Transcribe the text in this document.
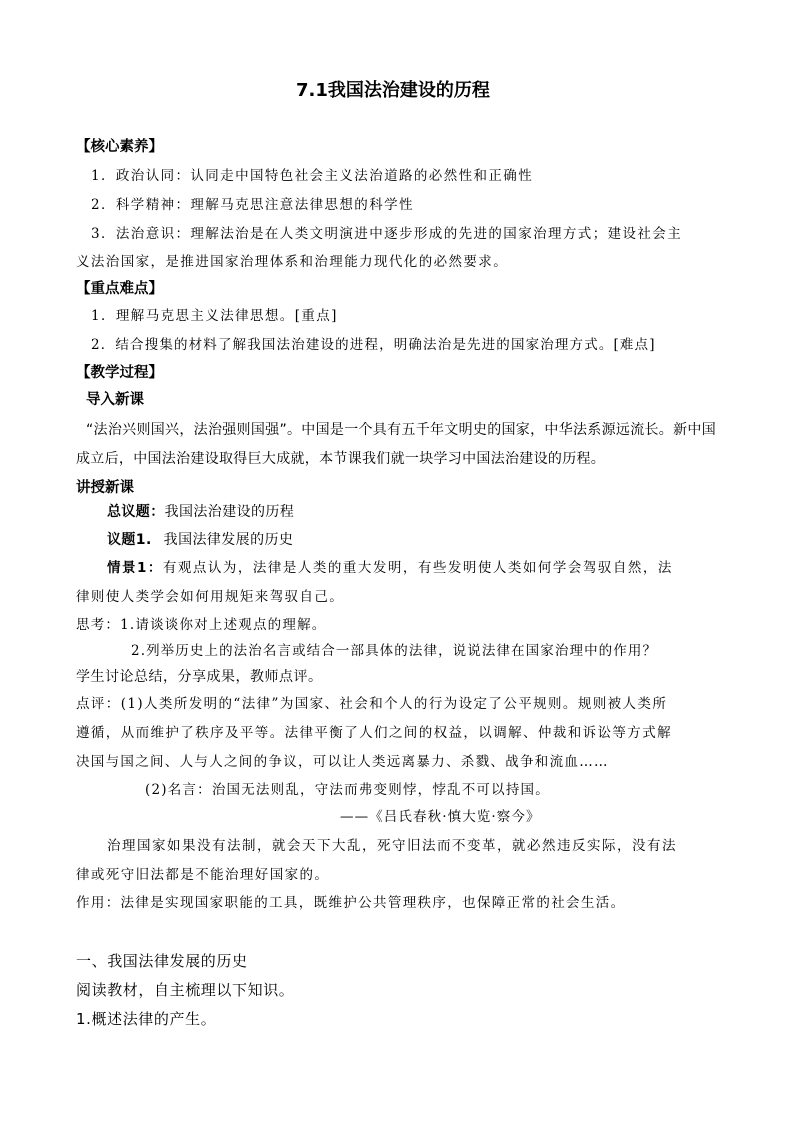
7.1我国法治建设的历程
【核心素养】
1．政治认同：认同走中国特色社会主义法治道路的必然性和正确性
2．科学精神：理解马克思注意法律思想的科学性
3．法治意识：理解法治是在人类文明演进中逐步形成的先进的国家治理方式；建设社会主
义法治国家，是推进国家治理体系和治理能力现代化的必然要求。
【重点难点】
1．理解马克思主义法律思想。[重点]
2．结合搜集的材料了解我国法治建设的进程，明确法治是先进的国家治理方式。[难点]
【教学过程】
导入新课
“法治兴则国兴，法治强则国强”。中国是一个具有五千年文明史的国家，中华法系源远流长。新中国
成立后，中国法治建设取得巨大成就，本节课我们就一块学习中国法治建设的历程。
讲授新课
总议题：我国法治建设的历程
议题1. 我国法律发展的历史
情景1：有观点认为，法律是人类的重大发明，有些发明使人类如何学会驾驭自然，法
律则使人类学会如何用规矩来驾驭自己。
思考：1.请谈谈你对上述观点的理解。
2.列举历史上的法治名言或结合一部具体的法律，说说法律在国家治理中的作用？
学生讨论总结，分享成果，教师点评。
点评：(1)人类所发明的“法律”为国家、社会和个人的行为设定了公平规则。规则被人类所
遵循，从而维护了秩序及平等。法律平衡了人们之间的权益，以调解、仲裁和诉讼等方式解
决国与国之间、人与人之间的争议，可以让人类远离暴力、杀戮、战争和流血……
(2)名言：治国无法则乱，守法而弗变则悖，悖乱不可以持国。
——《吕氏春秋·慎大览·察今》
治理国家如果没有法制，就会天下大乱，死守旧法而不变革，就必然违反实际，没有法
律或死守旧法都是不能治理好国家的。
作用：法律是实现国家职能的工具，既维护公共管理秩序，也保障正常的社会生活。
一、我国法律发展的历史
阅读教材，自主梳理以下知识。
1.概述法律的产生。
